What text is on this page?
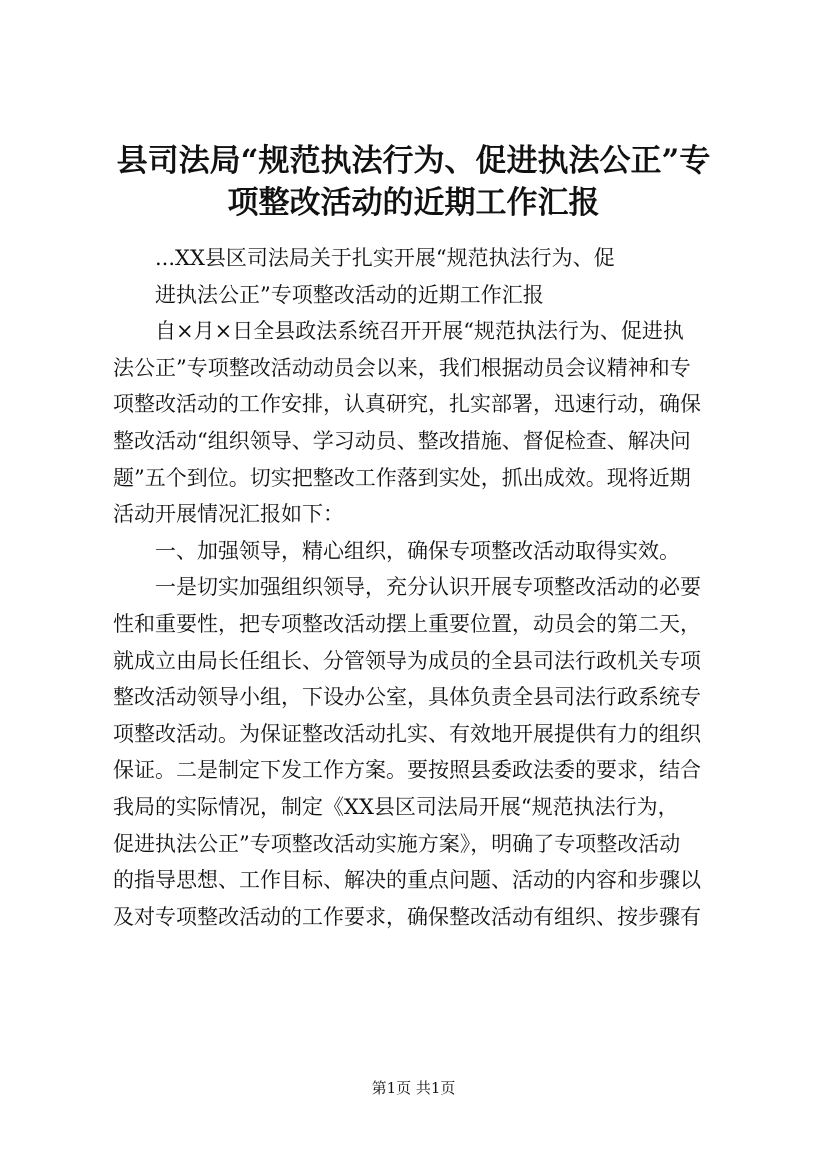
县司法局“规范执法行为、促进执法公正”专
项整改活动的近期工作汇报
...XX县区司法局关于扎实开展“规范执法行为、促
进执法公正”专项整改活动的近期工作汇报
自×月×日全县政法系统召开开展“规范执法行为、促进执
法公正”专项整改活动动员会以来，我们根据动员会议精神和专
项整改活动的工作安排，认真研究，扎实部署，迅速行动，确保
整改活动“组织领导、学习动员、整改措施、督促检查、解决问
题”五个到位。切实把整改工作落到实处，抓出成效。现将近期
活动开展情况汇报如下：
一、加强领导，精心组织，确保专项整改活动取得实效。
一是切实加强组织领导，充分认识开展专项整改活动的必要
性和重要性，把专项整改活动摆上重要位置，动员会的第二天，
就成立由局长任组长、分管领导为成员的全县司法行政机关专项
整改活动领导小组，下设办公室，具体负责全县司法行政系统专
项整改活动。为保证整改活动扎实、有效地开展提供有力的组织
保证。二是制定下发工作方案。要按照县委政法委的要求，结合
我局的实际情况，制定《XX县区司法局开展“规范执法行为，
促进执法公正”专项整改活动实施方案》，明确了专项整改活动
的指导思想、工作目标、解决的重点问题、活动的内容和步骤以
及对专项整改活动的工作要求，确保整改活动有组织、按步骤有
第1页 共1页
